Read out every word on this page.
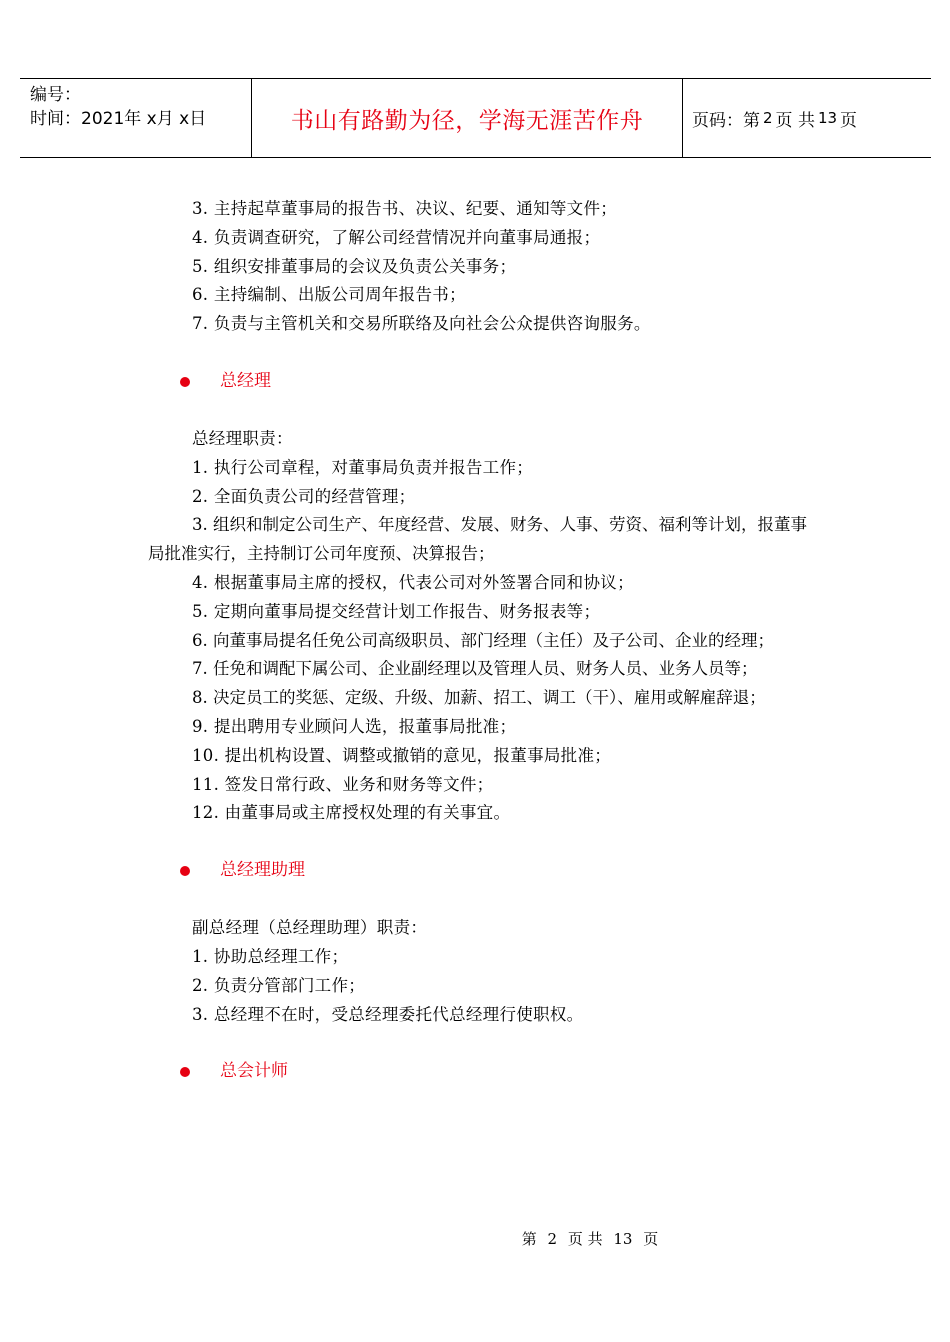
编号：
时间：2021年 x月 x日	书山有路勤为径，学海无涯苦作舟	页码：第 2 页 共 13 页
3. 主持起草董事局的报告书、决议、纪要、通知等文件；
4. 负责调查研究，了解公司经营情况并向董事局通报；
5. 组织安排董事局的会议及负责公关事务；
6. 主持编制、出版公司周年报告书；
7. 负责与主管机关和交易所联络及向社会公众提供咨询服务。
总经理
总经理职责：
1. 执行公司章程，对董事局负责并报告工作；
2. 全面负责公司的经营管理；
3. 组织和制定公司生产、年度经营、发展、财务、人事、劳资、福利等计划，报董事局批准实行，主持制订公司年度预、决算报告；
4. 根据董事局主席的授权，代表公司对外签署合同和协议；
5. 定期向董事局提交经营计划工作报告、财务报表等；
6. 向董事局提名任免公司高级职员、部门经理（主任）及子公司、企业的经理；
7. 任免和调配下属公司、企业副经理以及管理人员、财务人员、业务人员等；
8. 决定员工的奖惩、定级、升级、加薪、招工、调工（干）、雇用或解雇辞退；
9. 提出聘用专业顾问人选，报董事局批准；
10. 提出机构设置、调整或撤销的意见，报董事局批准；
11. 签发日常行政、业务和财务等文件；
12. 由董事局或主席授权处理的有关事宜。
总经理助理
副总经理（总经理助理）职责：
1. 协助总经理工作；
2. 负责分管部门工作；
3. 总经理不在时，受总经理委托代总经理行使职权。
总会计师
第 2 页 共 13 页
